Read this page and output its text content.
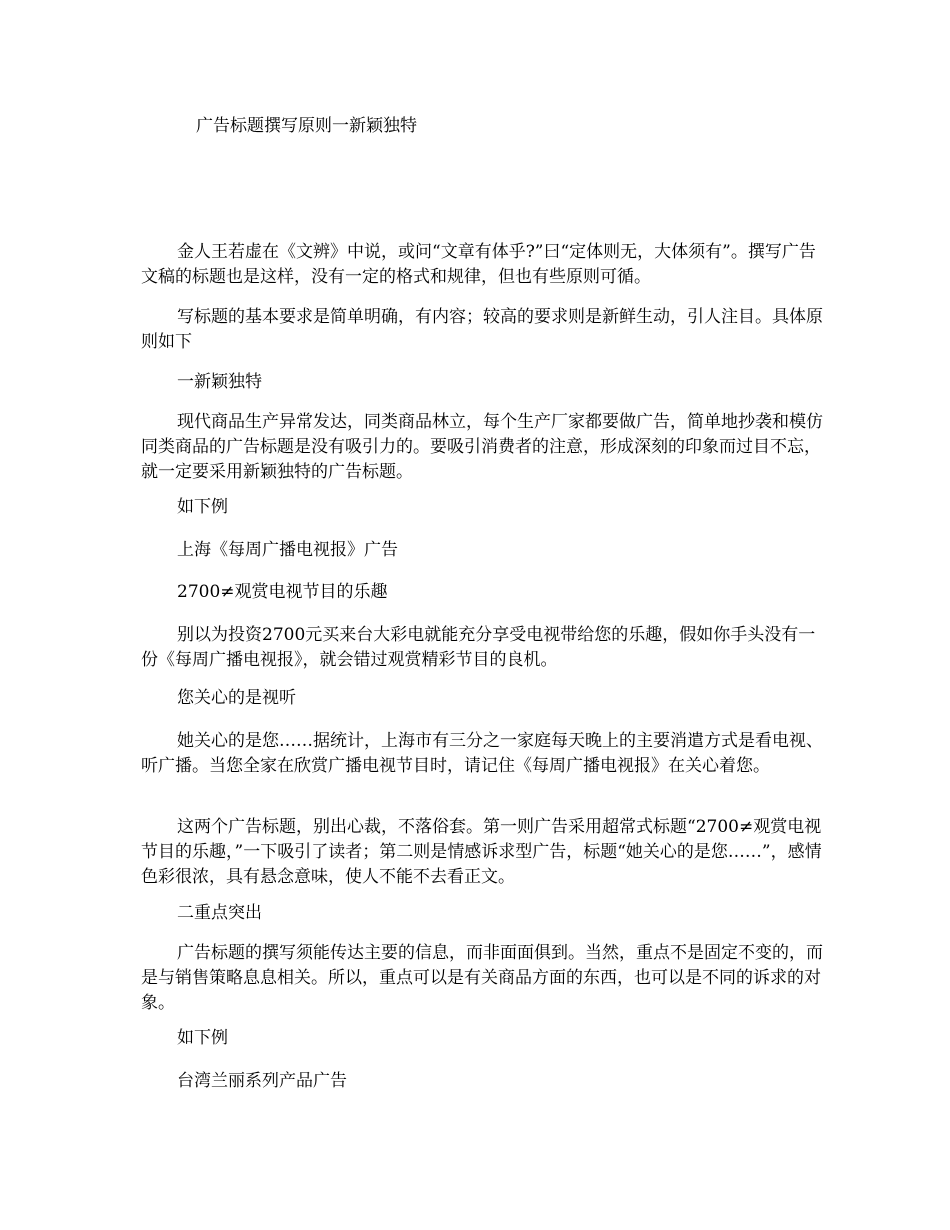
广告标题撰写原则一新颖独特

金人王若虚在《文辨》中说，或问“文章有体乎?”曰“定体则无，大体须有”。撰写广告文稿的标题也是这样，没有一定的格式和规律，但也有些原则可循。

写标题的基本要求是简单明确，有内容；较高的要求则是新鲜生动，引人注目。具体原则如下

一新颖独特

现代商品生产异常发达，同类商品林立，每个生产厂家都要做广告，简单地抄袭和模仿同类商品的广告标题是没有吸引力的。要吸引消费者的注意，形成深刻的印象而过目不忘，就一定要采用新颖独特的广告标题。

如下例

上海《每周广播电视报》广告

2700≠观赏电视节目的乐趣

别以为投资2700元买来台大彩电就能充分享受电视带给您的乐趣，假如你手头没有一份《每周广播电视报》，就会错过观赏精彩节目的良机。

您关心的是视听

她关心的是您……据统计，上海市有三分之一家庭每天晚上的主要消遣方式是看电视、听广播。当您全家在欣赏广播电视节目时，请记住《每周广播电视报》在关心着您。

这两个广告标题，别出心裁，不落俗套。第一则广告采用超常式标题“2700≠观赏电视节目的乐趣，”一下吸引了读者；第二则是情感诉求型广告，标题“她关心的是您……”，感情色彩很浓，具有悬念意味，使人不能不去看正文。

二重点突出

广告标题的撰写须能传达主要的信息，而非面面俱到。当然，重点不是固定不变的，而是与销售策略息息相关。所以，重点可以是有关商品方面的东西，也可以是不同的诉求的对象。

如下例

台湾兰丽系列产品广告
